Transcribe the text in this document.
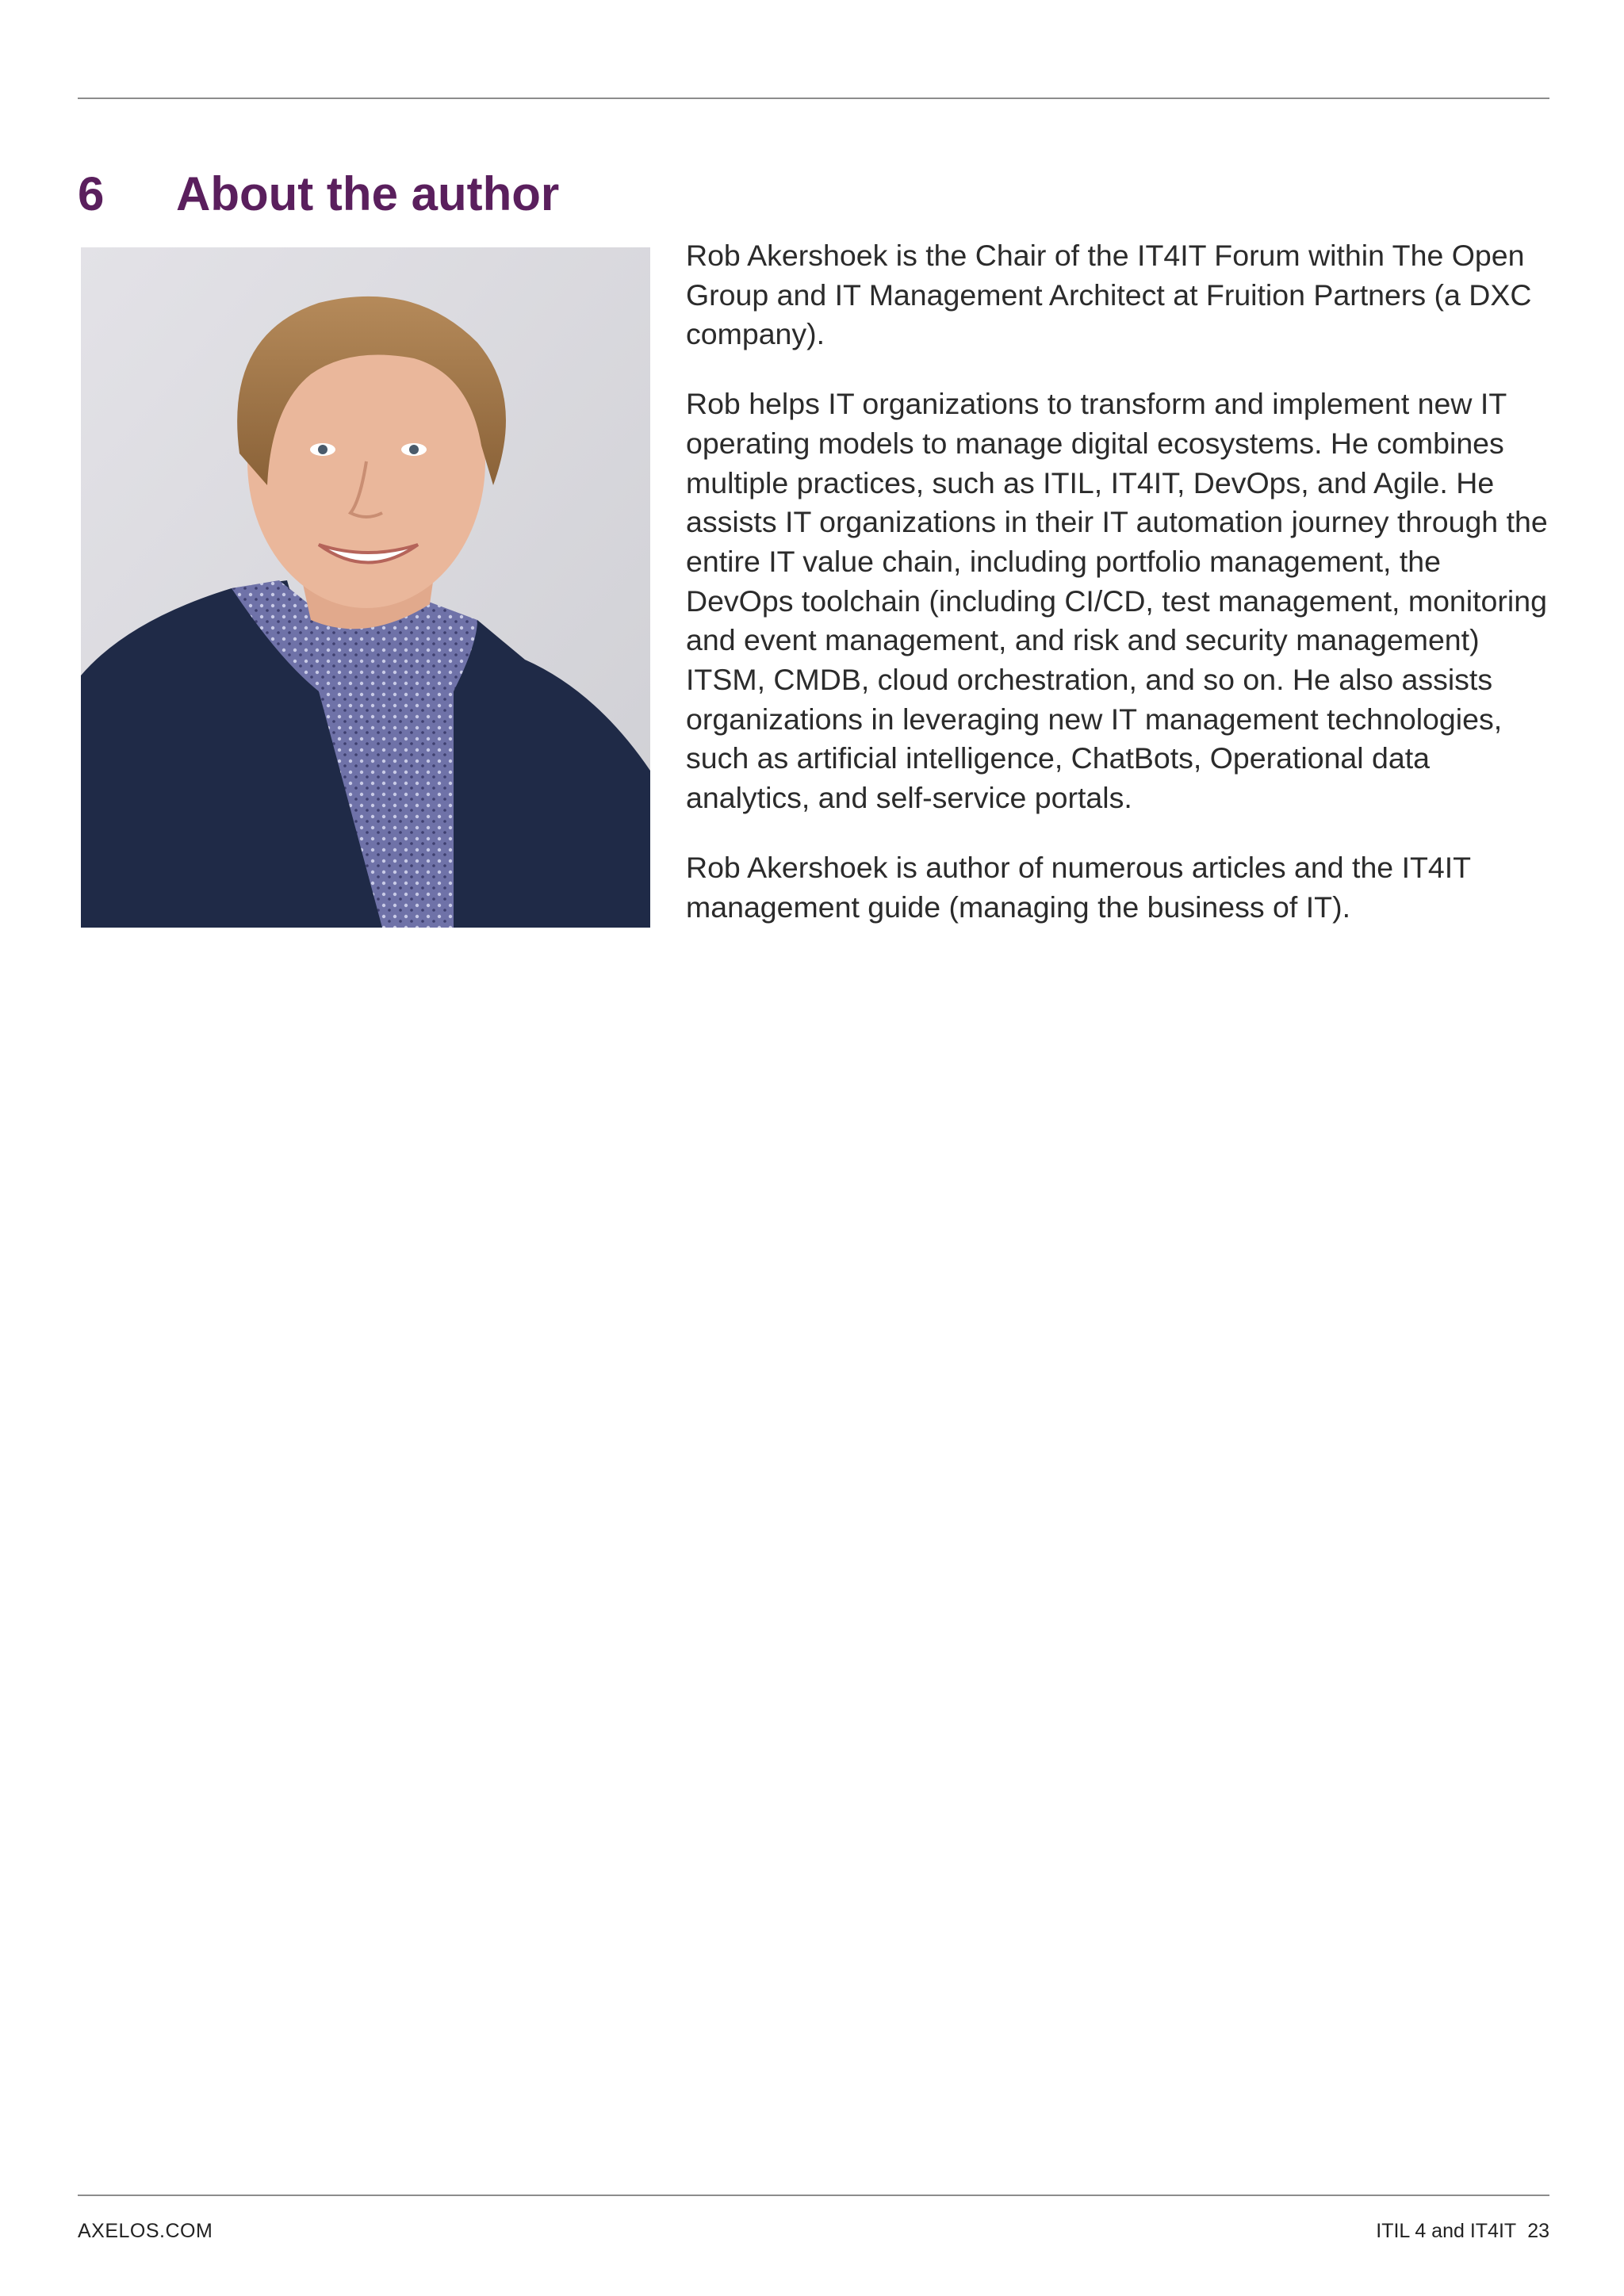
6	About the author

Rob Akershoek is the Chair of the IT4IT Forum within The Open Group and IT Management Architect at Fruition Partners (a DXC company).

Rob helps IT organizations to transform and implement new IT operating models to manage digital ecosystems. He combines multiple practices, such as ITIL, IT4IT, DevOps, and Agile. He assists IT organizations in their IT automation journey through the entire IT value chain, including portfolio management, the DevOps toolchain (including CI/CD, test management, monitoring and event management, and risk and security management) ITSM, CMDB, cloud orchestration, and so on. He also assists organizations in leveraging new IT management technologies, such as artificial intelligence, ChatBots, Operational data analytics, and self-service portals.

Rob Akershoek is author of numerous articles and the IT4IT management guide (managing the business of IT).

AXELOS.COM	ITIL 4 and IT4IT 23
